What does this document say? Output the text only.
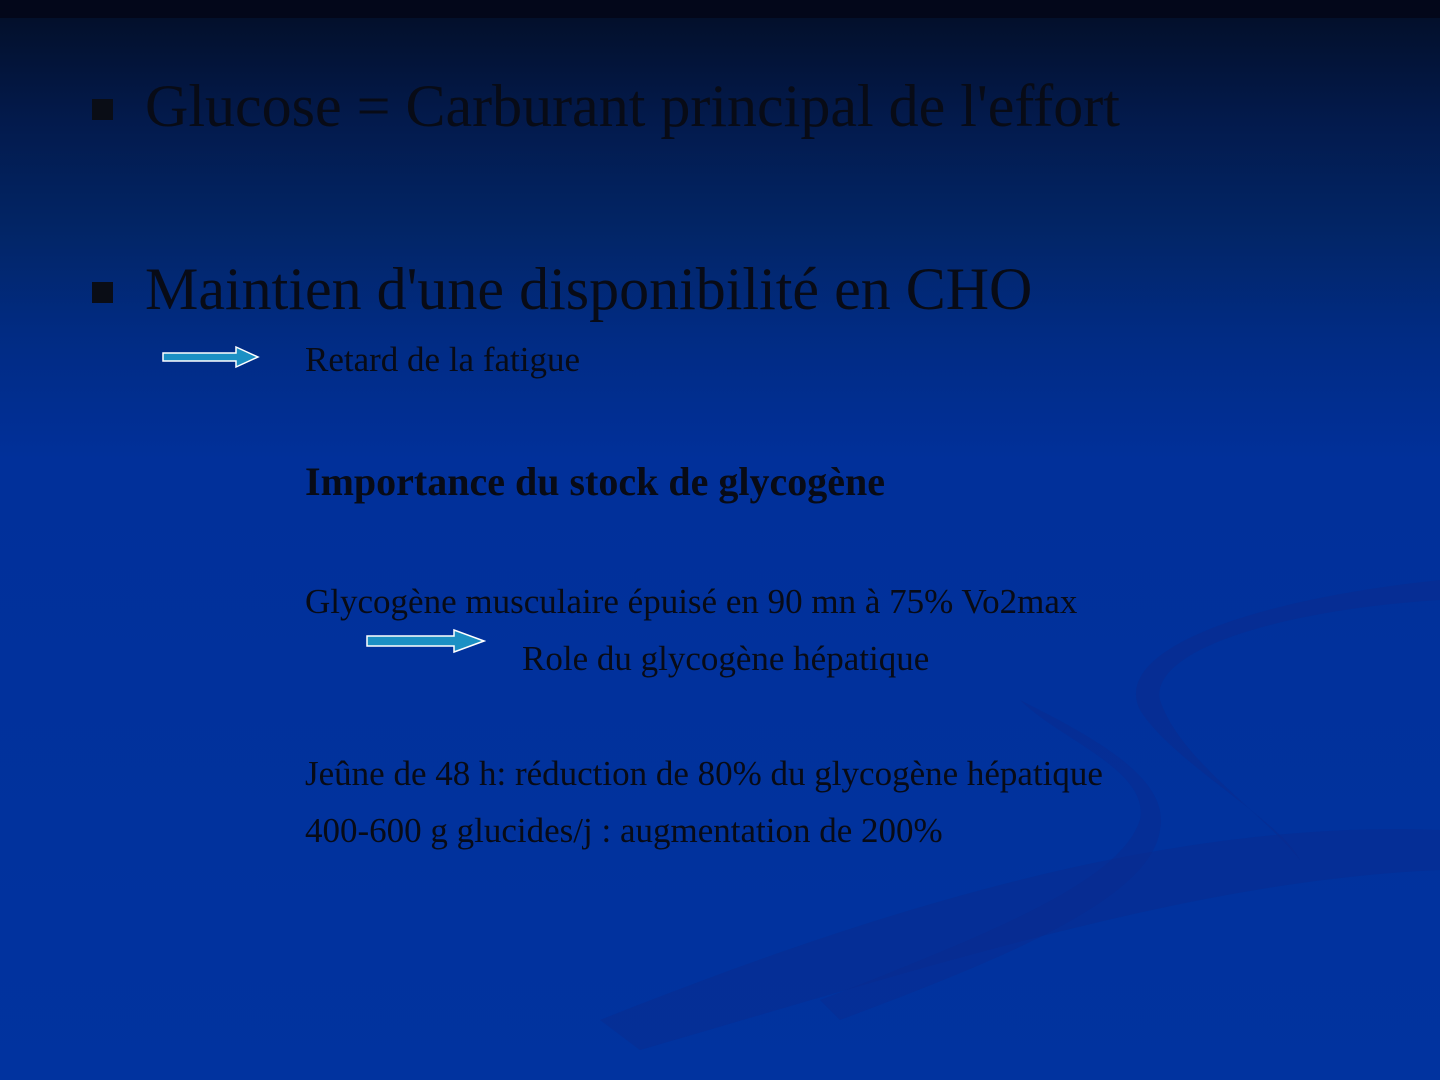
Glucose = Carburant principal de l'effort
Maintien d'une disponibilité en CHO
Retard de la fatigue
Importance du stock de glycogène
Glycogène musculaire épuisé en 90 mn à 75% Vo2max
Role du glycogène hépatique
Jeûne de 48 h: réduction de 80% du glycogène hépatique
400-600 g glucides/j : augmentation de 200%
